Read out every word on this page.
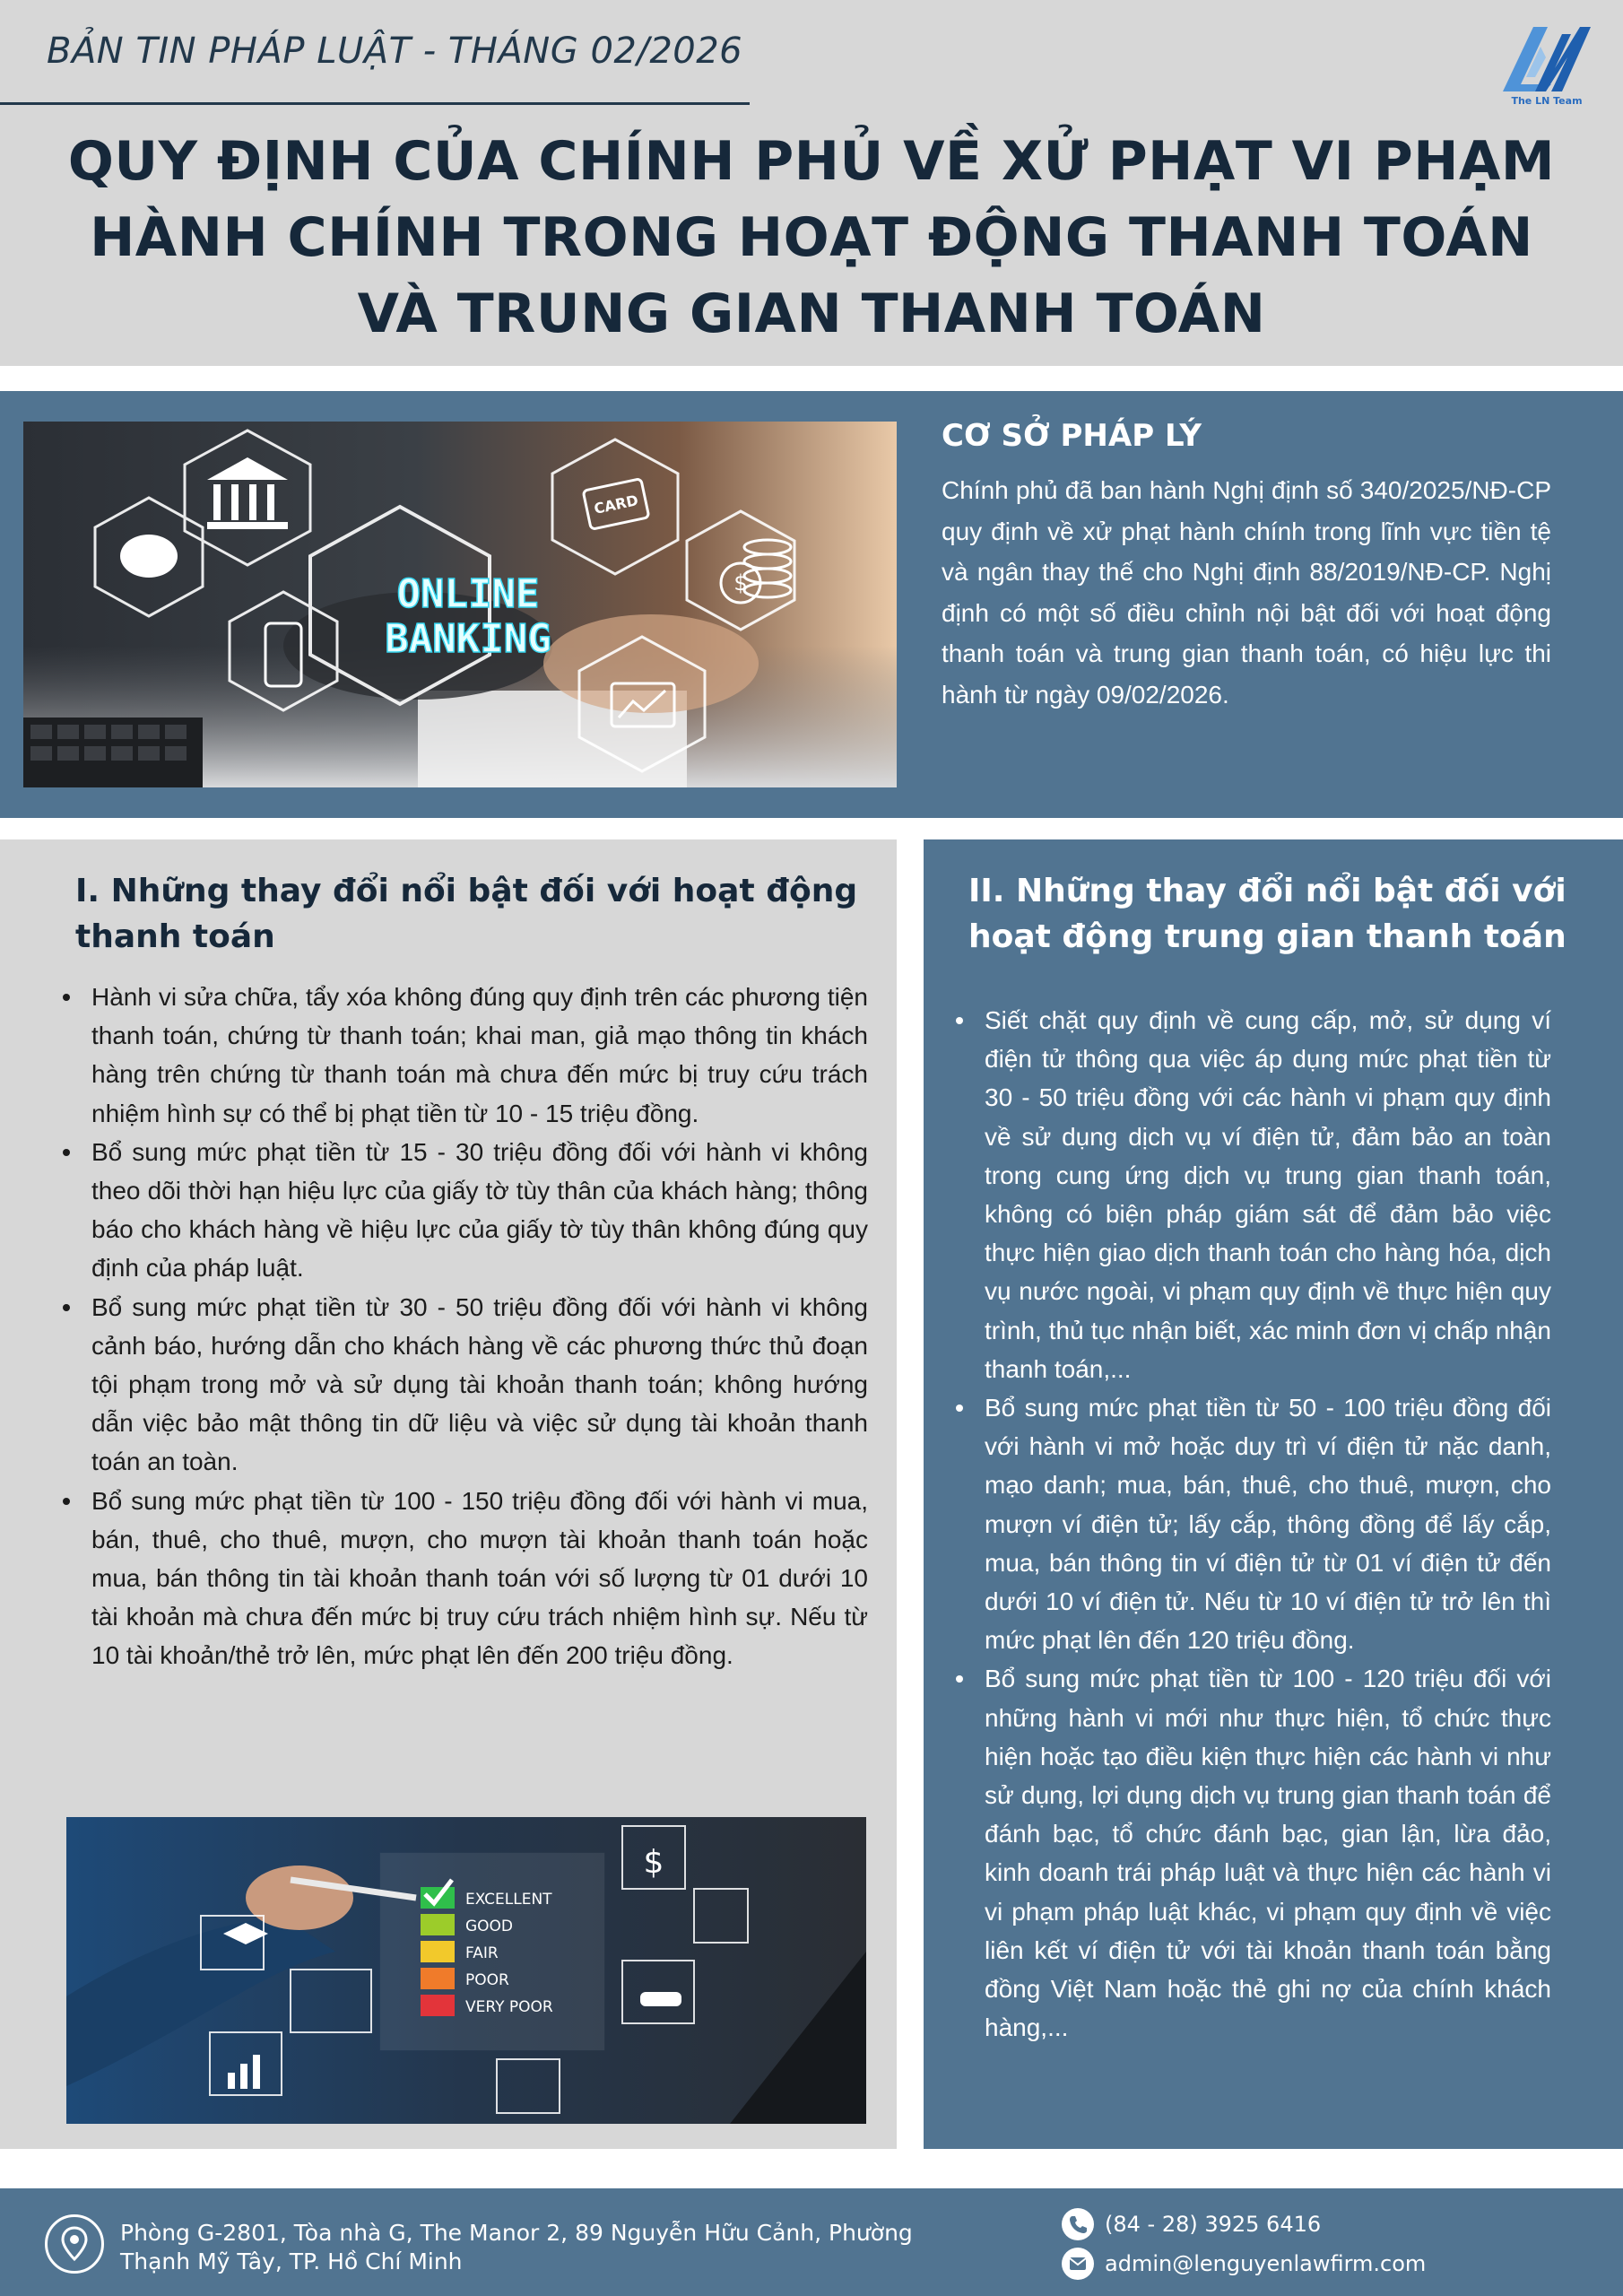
BẢN TIN PHÁP LUẬT - THÁNG 02/2026
The LN Team
QUY ĐỊNH CỦA CHÍNH PHỦ VỀ XỬ PHẠT VI PHẠM
HÀNH CHÍNH TRONG HOẠT ĐỘNG THANH TOÁN
VÀ TRUNG GIAN THANH TOÁN
CARD
$
ONLINE
BANKING
CƠ SỞ PHÁP LÝ
Chính phủ đã ban hành Nghị định số 340/2025/NĐ-CP quy định về xử phạt hành chính trong lĩnh vực tiền tệ và ngân thay thế cho Nghị định 88/2019/NĐ-CP. Nghị định có một số điều chỉnh nội bật đối với hoạt động thanh toán và trung gian thanh toán, có hiệu lực thi hành từ ngày 09/02/2026.
I. Những thay đổi nổi bật đối với hoạt động thanh toán
Hành vi sửa chữa, tẩy xóa không đúng quy định trên các phương tiện thanh toán, chứng từ thanh toán; khai man, giả mạo thông tin khách hàng trên chứng từ thanh toán mà chưa đến mức bị truy cứu trách nhiệm hình sự có thể bị phạt tiền từ 10 - 15 triệu đồng.
Bổ sung mức phạt tiền từ 15 - 30 triệu đồng đối với hành vi không theo dõi thời hạn hiệu lực của giấy tờ tùy thân của khách hàng; thông báo cho khách hàng về hiệu lực của giấy tờ tùy thân không đúng quy định của pháp luật.
Bổ sung mức phạt tiền từ 30 - 50 triệu đồng đối với hành vi không cảnh báo, hướng dẫn cho khách hàng về các phương thức thủ đoạn tội phạm trong mở và sử dụng tài khoản thanh toán; không hướng dẫn việc bảo mật thông tin dữ liệu và việc sử dụng tài khoản thanh toán an toàn.
Bổ sung mức phạt tiền từ 100 - 150 triệu đồng đối với hành vi mua, bán, thuê, cho thuê, mượn, cho mượn tài khoản thanh toán hoặc mua, bán thông tin tài khoản thanh toán với số lượng từ 01 dưới 10 tài khoản mà chưa đến mức bị truy cứu trách nhiệm hình sự. Nếu từ 10 tài khoản/thẻ trở lên, mức phạt lên đến 200 triệu đồng.
EXCELLENT
GOOD
FAIR
POOR
VERY POOR
$
II. Những thay đổi nổi bật đối với hoạt động trung gian thanh toán
Siết chặt quy định về cung cấp, mở, sử dụng ví điện tử thông qua việc áp dụng mức phạt tiền từ 30 - 50 triệu đồng với các hành vi phạm quy định về sử dụng dịch vụ ví điện tử, đảm bảo an toàn trong cung ứng dịch vụ trung gian thanh toán, không có biện pháp giám sát để đảm bảo việc thực hiện giao dịch thanh toán cho hàng hóa, dịch vụ nước ngoài, vi phạm quy định về thực hiện quy trình, thủ tục nhận biết, xác minh đơn vị chấp nhận thanh toán,...
Bổ sung mức phạt tiền từ 50 - 100 triệu đồng đối với hành vi mở hoặc duy trì ví điện tử nặc danh, mạo danh; mua, bán, thuê, cho thuê, mượn, cho mượn ví điện tử; lấy cắp, thông đồng để lấy cắp, mua, bán thông tin ví điện tử từ 01 ví điện tử đến dưới 10 ví điện tử. Nếu từ 10 ví điện tử trở lên thì mức phạt lên đến 120 triệu đồng.
Bổ sung mức phạt tiền từ 100 - 120 triệu đối với những hành vi mới như thực hiện, tổ chức thực hiện hoặc tạo điều kiện thực hiện các hành vi như sử dụng, lợi dụng dịch vụ trung gian thanh toán để đánh bạc, tổ chức đánh bạc, gian lận, lừa đảo, kinh doanh trái pháp luật và thực hiện các hành vi vi phạm pháp luật khác, vi phạm quy định về việc liên kết ví điện tử với tài khoản thanh toán bằng đồng Việt Nam hoặc thẻ ghi nợ của chính khách hàng,...
Phòng G-2801, Tòa nhà G, The Manor 2, 89 Nguyễn Hữu Cảnh, Phường
Thạnh Mỹ Tây, TP. Hồ Chí Minh
(84 - 28) 3925 6416
admin@lenguyenlawfirm.com
